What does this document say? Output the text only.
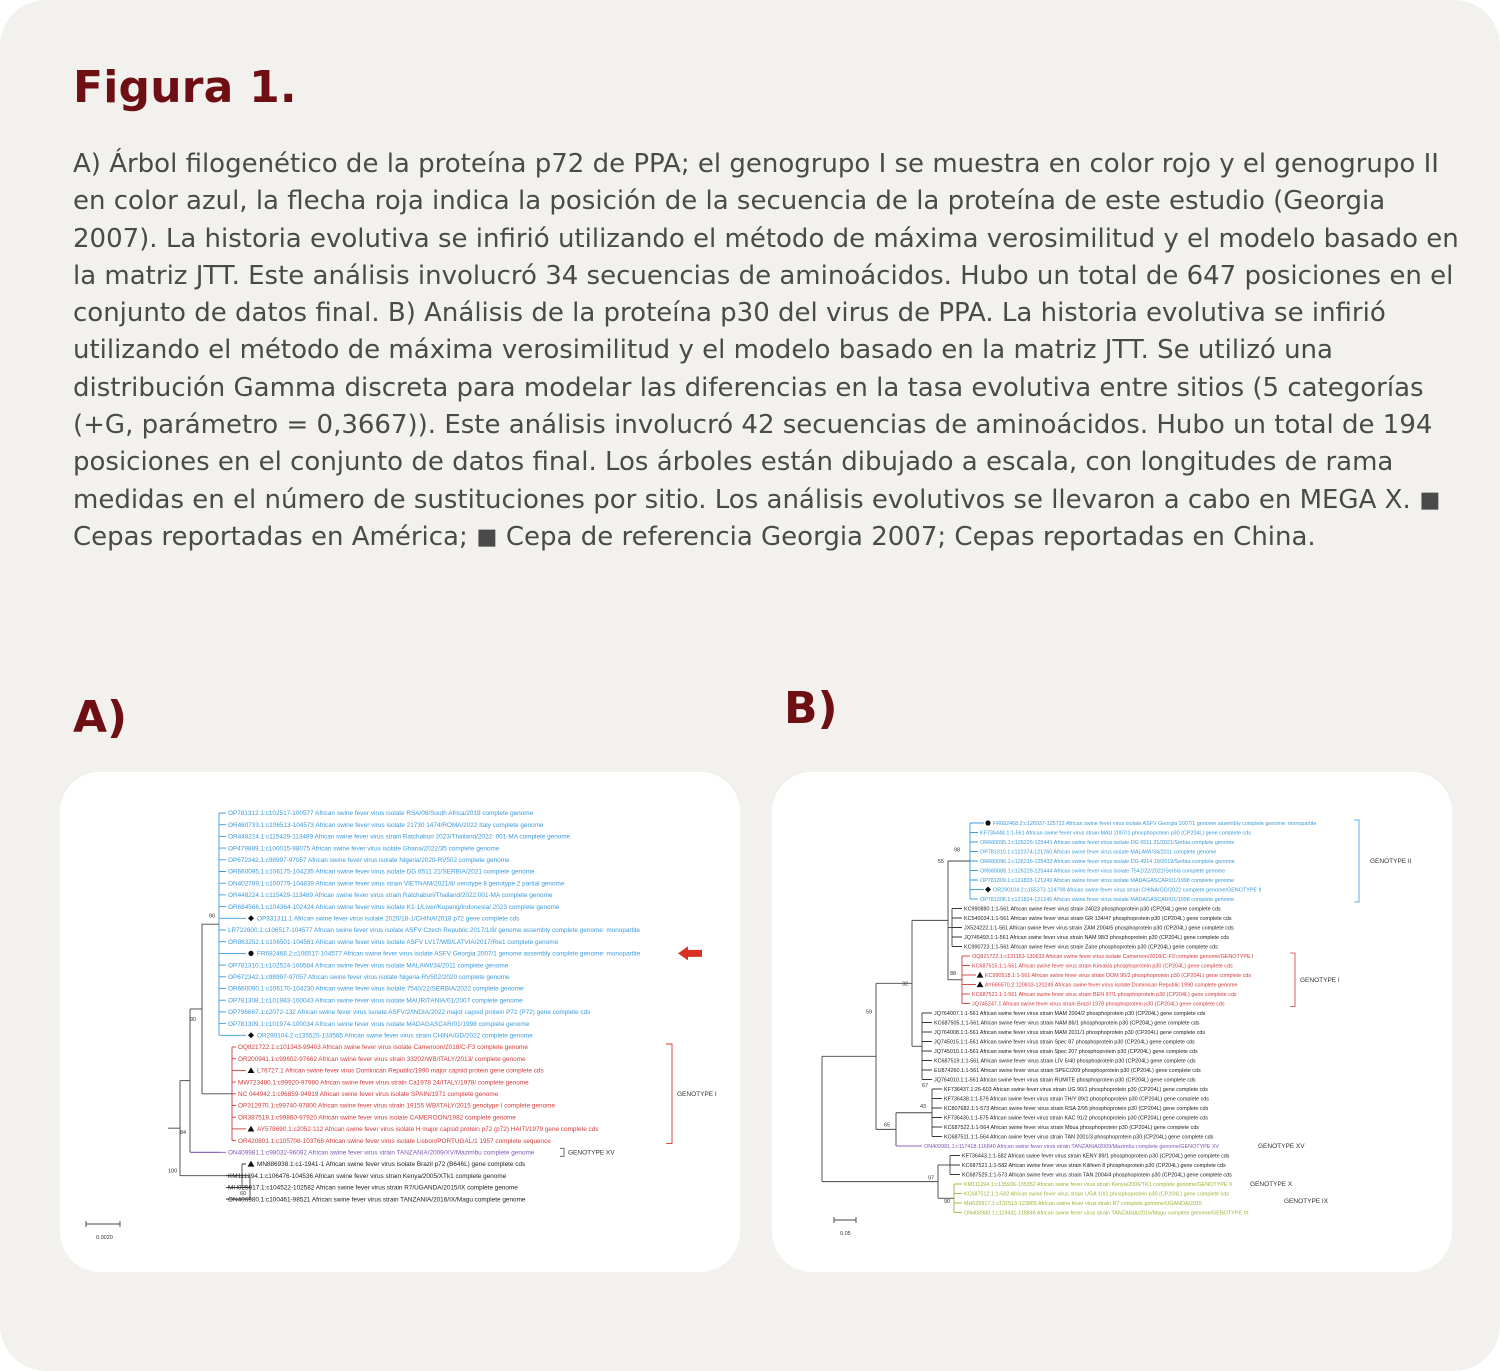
Figura 1.

A) Árbol filogenético de la proteína p72 de PPA; el genogrupo I se muestra en color rojo y el genogrupo II en color azul, la flecha roja indica la posición de la secuencia de la proteína de este estudio (Georgia 2007). La historia evolutiva se infirió utilizando el método de máxima verosimilitud y el modelo basado en la matriz JTT. Este análisis involucró 34 secuencias de aminoácidos. Hubo un total de 647 posiciones en el conjunto de datos final. B) Análisis de la proteína p30 del virus de PPA. La historia evolutiva se infirió utilizando el método de máxima verosimilitud y el modelo basado en la matriz JTT. Se utilizó una distribución Gamma discreta para modelar las diferencias en la tasa evolutiva entre sitios (5 categorías (+G, parámetro = 0,3667)). Este análisis involucró 42 secuencias de aminoácidos. Hubo un total de 194 posiciones en el conjunto de datos final. Los árboles están dibujado a escala, con longitudes de rama medidas en el número de sustituciones por sitio. Los análisis evolutivos se llevaron a cabo en MEGA X. ◼ Cepas reportadas en América; ◼ Cepa de referencia Georgia 2007; Cepas reportadas en China.

A)	B)
90
90
84
100
60
OP781312.1:c102517-100577 African swine fever virus isolate RSA/08/South Africa/2019 complete genome
OR460733.1:c106513-104573 African swine fever virus isolate 21730 1474/ROMA/2022 Italy complete genome
OR448224.1:c115429-113489 African swine fever virus strain Ratchaburi 2023/Thailand/2022: 001-MA complete genome
OP479889.1:c100015-98075 African swine fever virus isolate Ghana/2022/35 complete genome
OP672342.1:c98997-97057 African swine fever virus isolate Nigeria/2020-RV502 complete genome
OR660095.1:c106175-104235 African swine fever virus isolate DG 6511 21/SERBIA/2021 complete genome
ON402789.1:c100779-104839 African swine fever virus strain VIETNAM/2021/8/ serotype 8 genotype 2 partial genome
OR448224.1:c115429-113489 African swine fever virus strain Ratchaburi/Thailand/2022:001-MA complete genome
OR684566.1:c104364-102424 African swine fever virus isolate K1-1/Liver/Kupang/Indonesia/ 2023 complete genome
OP331311.1 African swine fever virus isolate 2020/18-1/CHINA/2018 p72 gene complete cds
LR722600.1:c106517-104577 African swine fever virus isolate ASFV Czech Republic 2017/1/8/ genome assembly complete genome: monopartite
OR863252.1:c106501-104561 African swine fever virus isolate ASFV LV17/WB/LATVIA/2017/Rie1 complete genome
FR682468.2:c106517-104577 African swine fever virus isolate ASFV Georgia 2007/1 genome assembly complete genome: monopartite
OP781310.1:c102524-100584 African swine fever virus isolate MALAWI/34/2011 complete genome
OP672342.1:c98997-97057 African swine fever virus isolate Nigeria-RV502/2020 complete genome
OR660090.1:c106170-104230 African swine fever virus isolate 7540/22/SERBIA/2022 complete genome
OP781308.1:c101983-100043 African swine fever virus isolate MAURITANIA/01/2007 complete genome
OP796667.1:c2072-132 African swine fever virus isolate ASFV/2/INDIA/2022 major capsid protein P72 (P72) gene complete cds
OP781309.1:c101974-100034 African swine fever virus isolate MADAGASCAR/01/1998 complete genome
OR290104.2:c135525-133585 African swine fever virus strain CHINA/GD/2022 complete genome
OQ821722.1:c101343-99403 African swine fever virus isolate Cameroon/2018/C-F3 complete genome
OR200941.1:c99602-97662 African swine fever virus strain 33202/WB/ITALY/2013/ complete genome
L76727.1 African swine fever virus Dominican Republic/1990 major capsid protein gene complete cds
MW723480.1:c99920-97980 African swine fever virus strain Ca1978 24/ITALY/1978/ complete genome
NC 044942.1:c96859-94919 African swine fever virus isolate SPAIN/1971 complete genome
OP312970.1:c99740-97800 African swine fever virus strain 19155 WB/ITALY/2015 genotype I complete genome
OR387519.1:c99860-97920 African swine fever virus isolate CAMEROON/1982 complete genome
AY578690.1:c2052-112 African swine fever virus isolate H major capsid protein p72 (p72) HAITI/1979 gene complete cds
OR420801.1:c105708-103768 African swine fever virus isolate Lisbon/PORTUGAL/1 1957 complete sequence
ON409981.1:c98032-96092 African swine fever virus strain TANZANIA/2009/XV/Mazimbu complete genome
MN886938.1:c1-1941-1 African swine fever virus isolate Brazil p72 (B646L) gene complete cds
KM111294.1:c106476-104536 African swine fever virus strain Kenya/2005/XTk1 complete genome
MH025917.1:c104522-102582 African swine fever virus strain R7/UGANDA/2015/IX complete genome
ON406980.1:c100461-98521 African swine fever virus strain TANZANIA/2016/IX/Magu complete genome
GENOTYPE I
GENOTYPE XV
0.0020
55
98
32
88
59
65
43
67
97
90
FR682468.2:c126937-125722 African swine fever virus isolate ASFV Georgia 2007/1 genome assembly complete genome: monopartite
KF736448.1:1-561 African swine fever virus strain MAU 2007/1 phosphoprotein p30 (CP204L) gene complete cds
OR660095.1:c126226-125441 African swine fever virus isolate DG 6511 21/2021/Serbia complete genome
OP781310.1:c122374-121760 African swine fever virus isolate MALAWI/34/2011 complete genome
OR660096.1:c126216-125433 African swine fever virus isolate DG 4914 19/2019/Serbia complete genome
OR660088.1:c126228-125444 African swine fever virus isolate 7542/22/2022/Serbia complete genome
OP781309.1:c121833-121249 African swine fever virus isolate MADAGASCAR/01/1998 complete genome
OR290104.2:c155373-124799 African swine fever virus strain CHINA/GD/2022 complete genome/GENOTYPE II
OP781308.1:c121824-121240 African swine fever virus isolate MADAGASCAR/01/1998 complete genome
KC990880.1:1-561 African swine fever virus strain 24023 phosphoprotein p30 (CP204L) gene complete cds
KC540034.1:1-561 African swine fever virus strain GR 134/47 phosphoprotein p30 (CP204L) gene complete cds
JX524222.1:1-561 African swine fever virus strain ZAM 2004/5 phosphoprotein p30 (CP204L) gene complete cds
JQ745493.1:1-561 African swine fever virus strain NAM 98/3 phosphoprotein p30 (CP204L) gene complete cds
KC990723.1:1-561 African swine fever virus strain Zaire phosphoprotein p30 (CP204L) gene complete cds
OQ821722.1:c131163-130633 African swine fever virus isolate Cameroon/2018/C-F3 complete genome/GENOTYPE I
KC687515.1:1-561 African swine fever virus strain Kimakia phosphoprotein p30 (CP204L) gene complete cds
KC990518.1:1-561 African swine fever virus strain DOM 90/2 phosphoprotein p30 (CP204L) gene complete cds
AY686570.2:120833-120249 African swine fever virus isolate Dominican Republic 1990 complete genome
KC687521.1:1-561 African swine fever virus strain BEN 97/1 phosphoprotein p30 (CP204L) gene complete cds
JQ745247.1 African swine fever virus strain Brazil 1978 phosphoprotein p30 (CP204L) gene complete cds
JQ764007.1:1-561 African swine fever virus strain MAM 2004/2 phosphoprotein p30 (CP204L) gene complete cds
KC687505.1:1-561 African swine fever virus strain NAM 86/1 phosphoprotein p30 (CP204L) gene complete cds
JQ764008.1:1-561 African swine fever virus strain MAM 2011/1 phosphoprotein p30 (CP204L) gene complete cds
JQ745015.1:1-561 African swine fever virus strain Spec 87 phosphoprotein p30 (CP204L) gene complete cds
JQ745010.1:1-561 African swine fever virus strain Spec 207 phosphoprotein p30 (CP204L) gene complete cds
KC687519.1:1-561 African swine fever virus strain LIV 5/40 phosphoprotein p30 (CP204L) gene complete cds
EU874260.1:1-561 African swine fever virus strain SPEC/209 phosphoprotein p30 (CP204L) gene complete cds
JQ764010.1:1-561 African swine fever virus strain RUMITE phosphoprotein p30 (CP204L) gene complete cds
KF736437.1:26-603 African swine fever virus strain UG 90/1 phosphoprotein p30 (CP204L) gene complete cds
KF736438.1:1-579 African swine fever virus strain TH/Y 89/1 phosphoprotein p30 (CP204L) gene complete cds
KC807682.1:1-573 African swine fever virus strain RSA 2/95 phosphoprotein p30 (CP204L) gene complete cds
KF736430.1:1-575 African swine fever virus strain KAC 91/2 phosphoprotein p30 (CP204L) gene complete cds
KC687522.1:1-564 African swine fever virus strain Mbua phosphoprotein p30 (CP204L) gene complete cds
KC687511.1:1-564 African swine fever virus strain TAN 2001/3 phosphoprotein p30 (CP204L) gene complete cds
ON409981.1:c117418-116840 African swine fever virus strain TANZANIA/2009/Mazimbu complete genome/GENOTYPE XV
KF736443.1:1-582 African swine fever virus strain KENY 89/1 phosphoprotein p30 (CP204L) gene complete cds
KC687521.1:1-582 African swine fever virus strain Kilifeen 8 phosphoprotein p30 (CP204L) gene complete cds
KC687525.1:1-573 African swine fever virus strain TAN 2004/4 phosphoprotein p30 (CP204L) gene complete cds
KM111294.1:c135936-135352 African swine fever virus strain Kenya/2006/TK1 complete genome/GENOTYPE X
KC687512.1:1-582 African swine fever virus strain UGA 10/1 phosphoprotein p30 (CP204L) gene complete cds
MH025917.1:c131513-123865 African swine fever virus strain R7 complete genome/UGANDA/2015
ON406980.1:c119431-118846 African swine fever virus strain TANZANIA/2016/Magu complete genome/GENOTYPE IX
GENOTYPE II
GENOTYPE I
GENOTYPE XV
GENOTYPE X
GENOTYPE IX
0.05
